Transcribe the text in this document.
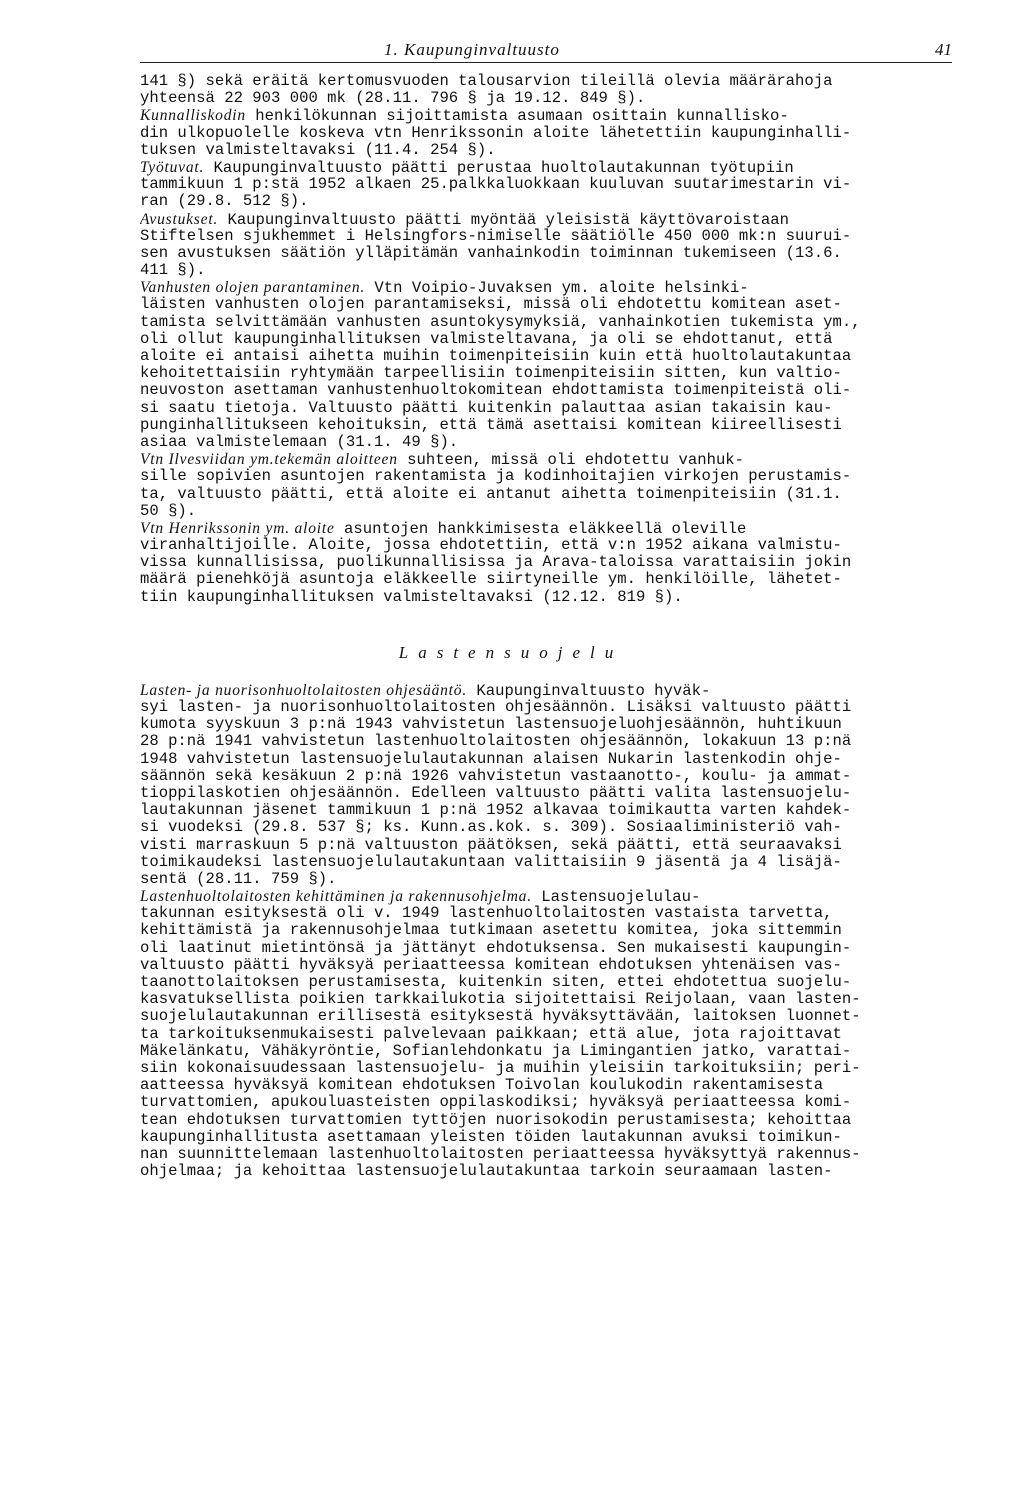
1. Kaupunginvaltuusto	41
141 §) sekä eräitä kertomusvuoden talousarvion tileillä olevia määrärahoja
yhteensä 22 903 000 mk (28.11. 796 § ja 19.12. 849 §).
Kunnalliskodin henkilökunnan sijoittamista asumaan osittain kunnallisko-
din ulkopuolelle koskeva vtn Henrikssonin aloite lähetettiin kaupunginhalli-
tuksen valmisteltavaksi (11.4. 254 §).
Työtuvat. Kaupunginvaltuusto päätti perustaa huoltolautakunnan työtupiin
tammikuun 1 p:stä 1952 alkaen 25.palkkaluokkaan kuuluvan suutarimestarin vi-
ran (29.8. 512 §).
Avustukset. Kaupunginvaltuusto päätti myöntää yleisistä käyttövaroistaan
Stiftelsen sjukhemmet i Helsingfors-nimiselle säätiölle 450 000 mk:n suurui-
sen avustuksen säätiön ylläpitämän vanhainkodin toiminnan tukemiseen (13.6.
411 §).
Vanhusten olojen parantaminen. Vtn Voipio-Juvaksen ym. aloite helsinki-
läisten vanhusten olojen parantamiseksi, missä oli ehdotettu komitean aset-
tamista selvittämään vanhusten asuntokysymyksiä, vanhainkotien tukemista ym.,
oli ollut kaupunginhallituksen valmisteltavana, ja oli se ehdottanut, että
aloite ei antaisi aihetta muihin toimenpiteisiin kuin että huoltolautakuntaa
kehoitettaisiin ryhtymään tarpeellisiin toimenpiteisiin sitten, kun valtio-
neuvoston asettaman vanhustenhuoltokomitean ehdottamista toimenpiteistä oli-
si saatu tietoja. Valtuusto päätti kuitenkin palauttaa asian takaisin kau-
punginhallitukseen kehoituksin, että tämä asettaisi komitean kiireellisesti
asiaa valmistelemaan (31.1. 49 §).
Vtn Ilvesviidan ym.tekemän aloitteen suhteen, missä oli ehdotettu vanhuk-
sille sopivien asuntojen rakentamista ja kodinhoitajien virkojen perustamis-
ta, valtuusto päätti, että aloite ei antanut aihetta toimenpiteisiin (31.1.
50 §).
Vtn Henrikssonin ym. aloite asuntojen hankkimisesta eläkkeellä oleville
viranhaltijoille. Aloite, jossa ehdotettiin, että v:n 1952 aikana valmistu-
vissa kunnallisissa, puolikunnallisissa ja Arava-taloissa varattaisiin jokin
määrä pienehköjä asuntoja eläkkeelle siirtyneille ym. henkilöille, lähetet-
tiin kaupunginhallituksen valmisteltavaksi (12.12. 819 §).
Lastensuojelu
Lasten- ja nuorisonhuoltolaitosten ohjesääntö. Kaupunginvaltuusto hyväk-
syi lasten- ja nuorisonhuoltolaitosten ohjesäännön. Lisäksi valtuusto päätti
kumota syyskuun 3 p:nä 1943 vahvistetun lastensuojeluohjesäännön, huhtikuun
28 p:nä 1941 vahvistetun lastenhuoltolaitosten ohjesäännön, lokakuun 13 p:nä
1948 vahvistetun lastensuojelulautakunnan alaisen Nukarin lastenkodin ohje-
säännön sekä kesäkuun 2 p:nä 1926 vahvistetun vastaanotto-, koulu- ja ammat-
tioppilaskotien ohjesäännön. Edelleen valtuusto päätti valita lastensuojelu-
lautakunnan jäsenet tammikuun 1 p:nä 1952 alkavaa toimikautta varten kahdek-
si vuodeksi (29.8. 537 §; ks. Kunn.as.kok. s. 309). Sosiaaliministeriö vah-
visti marraskuun 5 p:nä valtuuston päätöksen, sekä päätti, että seuraavaksi
toimikaudeksi lastensuojelulautakuntaan valittaisiin 9 jäsentä ja 4 lisäjä-
sentä (28.11. 759 §).
Lastenhuoltolaitosten kehittäminen ja rakennusohjelma. Lastensuojelulau-
takunnan esityksestä oli v. 1949 lastenhuoltolaitosten vastaista tarvetta,
kehittämistä ja rakennusohjelmaa tutkimaan asetettu komitea, joka sittemmin
oli laatinut mietintönsä ja jättänyt ehdotuksensa. Sen mukaisesti kaupungin-
valtuusto päätti hyväksyä periaatteessa komitean ehdotuksen yhtenäisen vas-
taanottolaitoksen perustamisesta, kuitenkin siten, ettei ehdotettua suojelu-
kasvatuksellista poikien tarkkailukotia sijoitettaisi Reijolaan, vaan lasten-
suojelulautakunnan erillisestä esityksestä hyväksyttävään, laitoksen luonnet-
ta tarkoituksenmukaisesti palvelevaan paikkaan; että alue, jota rajoittavat
Mäkelänkatu, Vähäkyröntie, Sofianlehdonkatu ja Limingantien jatko, varattai-
siin kokonaisuudessaan lastensuojelu- ja muihin yleisiin tarkoituksiin; peri-
aatteessa hyväksyä komitean ehdotuksen Toivolan koulukodin rakentamisesta
turvattomien, apukouluasteisten oppilaskodiksi; hyväksyä periaatteessa komi-
tean ehdotuksen turvattomien tyttöjen nuorisokodin perustamisesta; kehoittaa
kaupunginhallitusta asettamaan yleisten töiden lautakunnan avuksi toimikun-
nan suunnittelemaan lastenhuoltolaitosten periaatteessa hyväksyttyä rakennus-
ohjelmaa; ja kehoittaa lastensuojelulautakuntaa tarkoin seuraamaan lasten-
